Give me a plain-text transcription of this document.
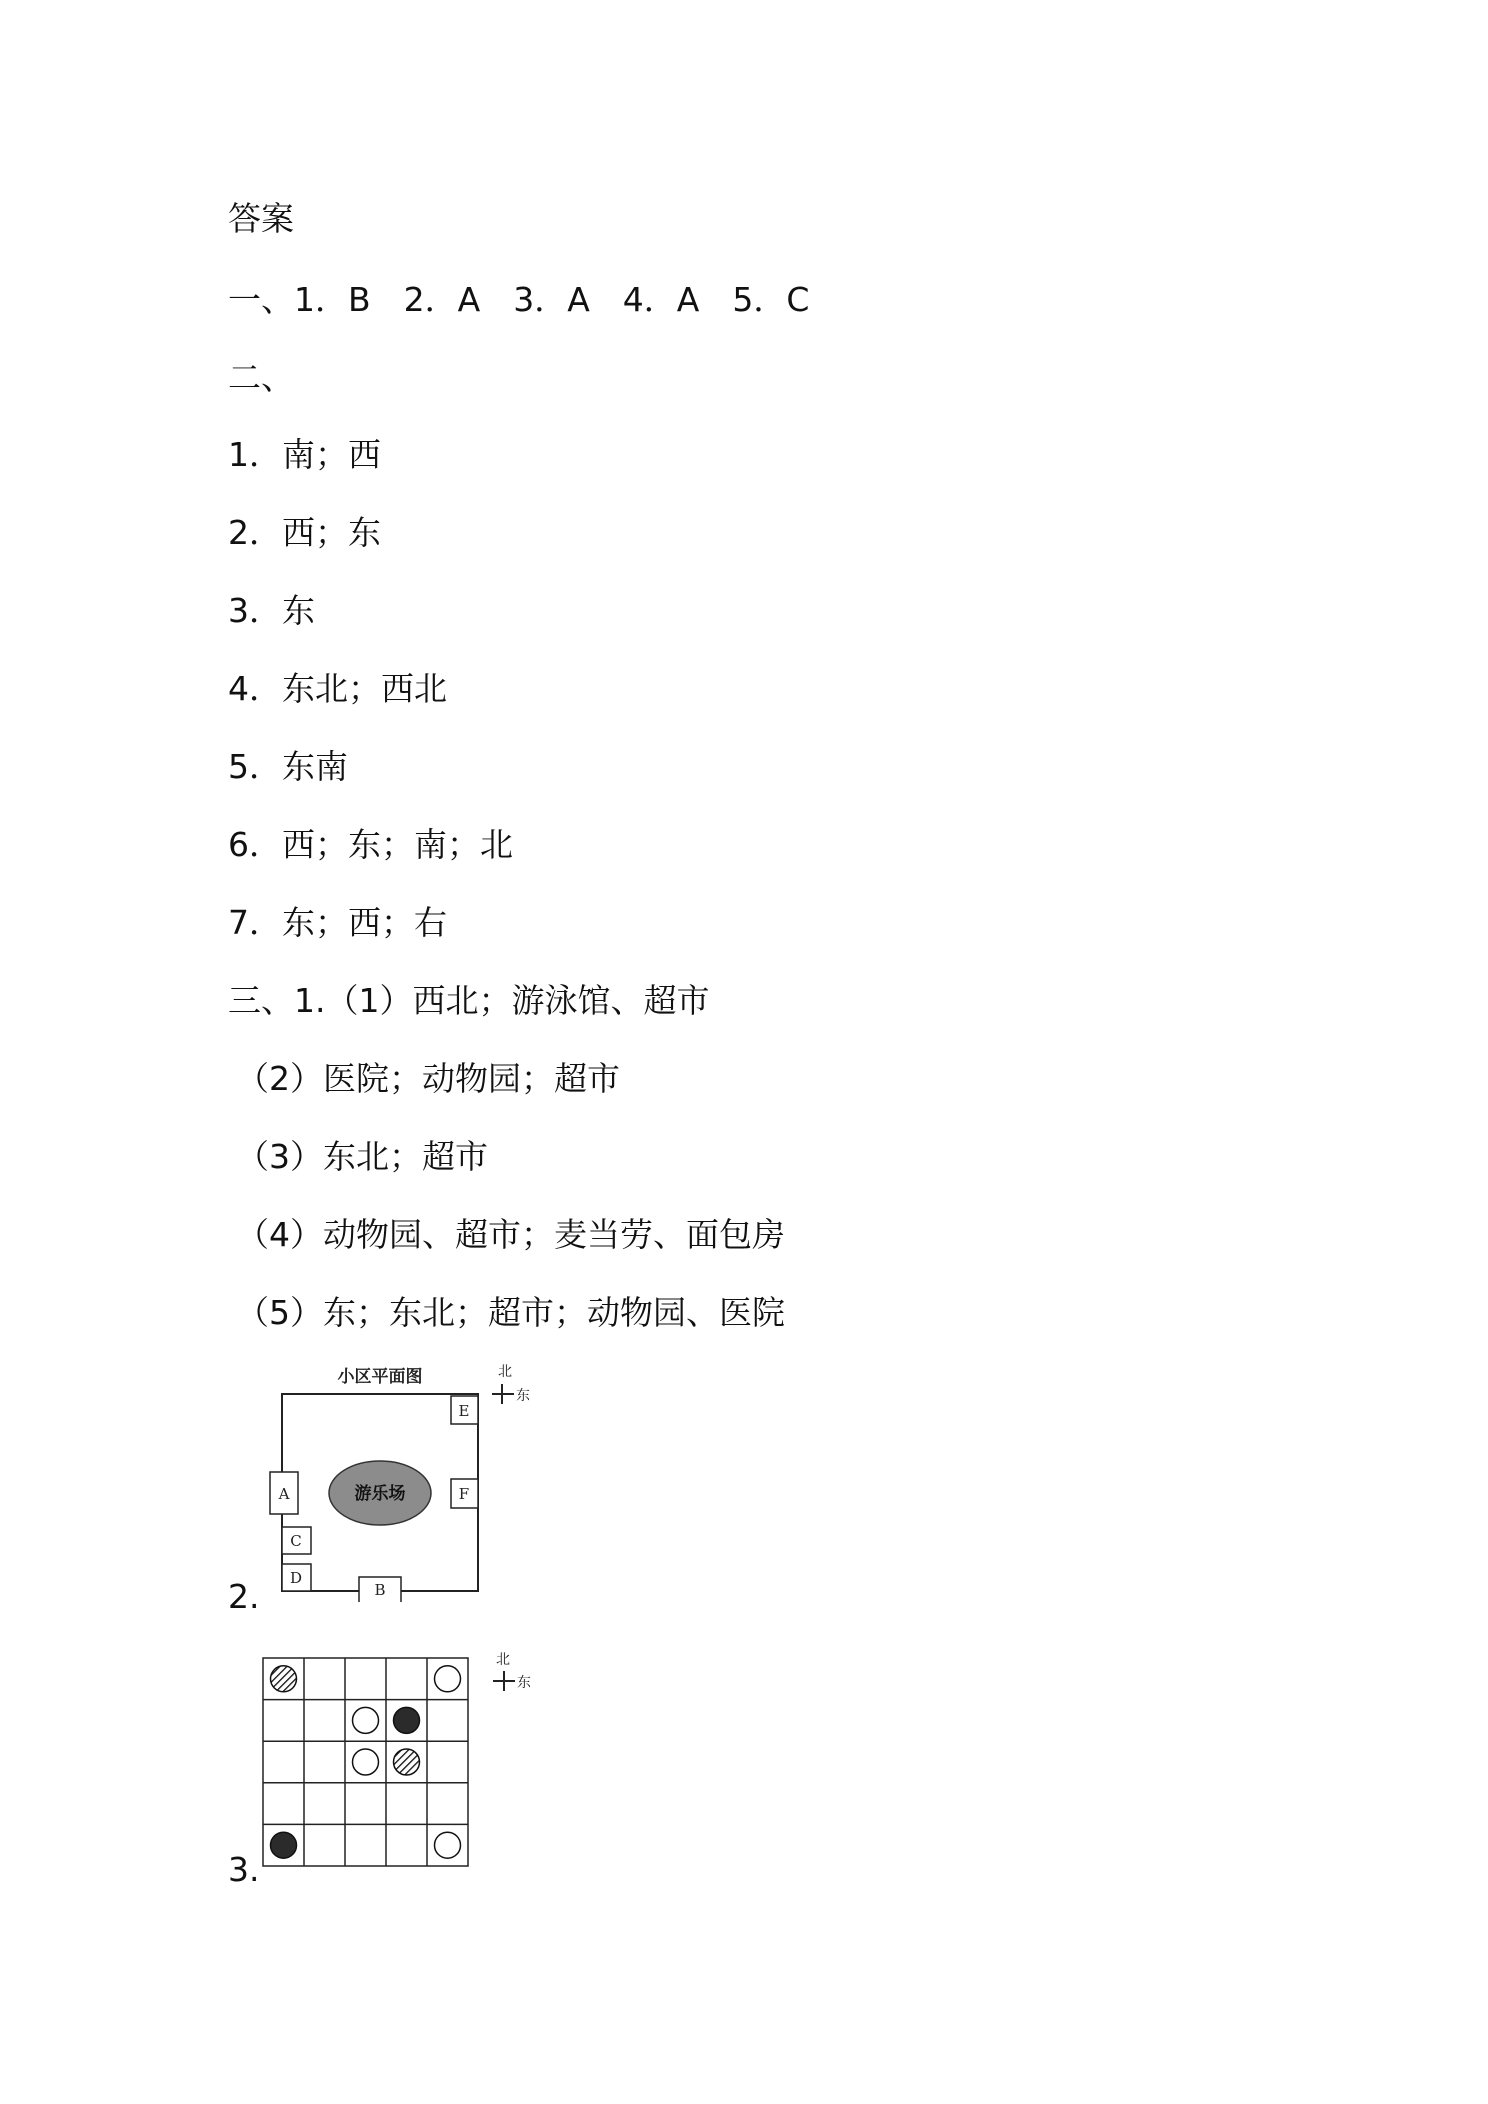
答案
一、1．B　2．A　3．A　4．A　5．C
二、
1．南；西
2．西；东
3．东
4．东北；西北
5．东南
6．西；东；南；北
7．东；西；右
三、1.（1）西北；游泳馆、超市
（2）医院；动物园；超市
（3）东北；超市
（4）动物园、超市；麦当劳、面包房
（5）东；东北；超市；动物园、医院
2.
小区平面图
游乐场
A
C
D
B
E
F
北
东
3.
北
东
